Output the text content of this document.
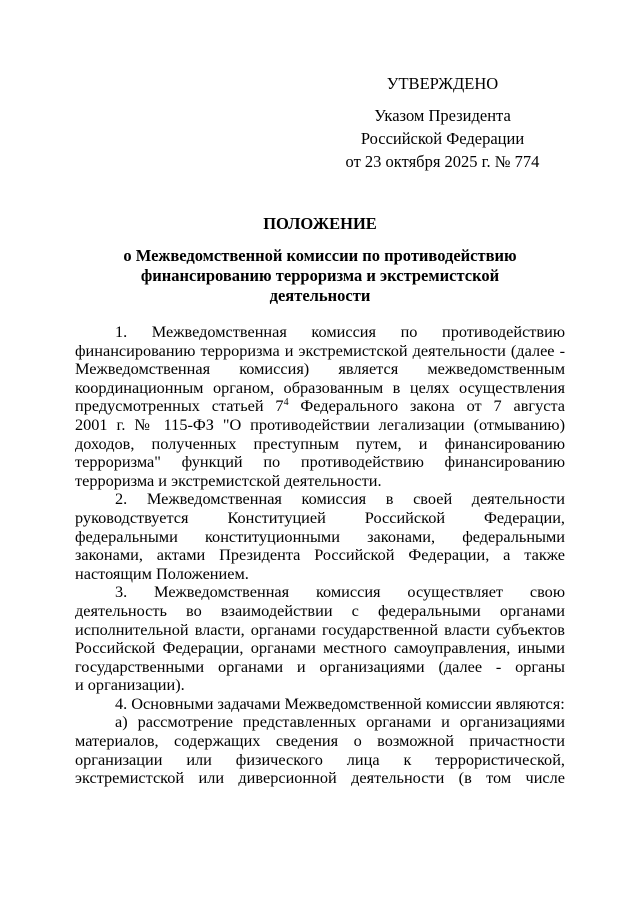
УТВЕРЖДЕНО
Указом Президента
Российской Федерации
от 23 октября 2025 г. № 774
ПОЛОЖЕНИЕ
о Межведомственной комиссии по противодействию
финансированию терроризма и экстремистской
деятельности
1. Межведомственная комиссия по противодействию
финансированию терроризма и экстремистской деятельности (далее -
Межведомственная комиссия) является межведомственным
координационным органом, образованным в целях осуществления
предусмотренных статьей $7^4$ Федерального закона от 7 августа
2001 г. № 115-ФЗ "О противодействии легализации (отмыванию)
доходов, полученных преступным путем, и финансированию
терроризма" функций по противодействию финансированию
терроризма и экстремистской деятельности.
2. Межведомственная комиссия в своей деятельности
руководствуется Конституцией Российской Федерации,
федеральными конституционными законами, федеральными
законами, актами Президента Российской Федерации, а также
настоящим Положением.
3. Межведомственная комиссия осуществляет свою
деятельность во взаимодействии с федеральными органами
исполнительной власти, органами государственной власти субъектов
Российской Федерации, органами местного самоуправления, иными
государственными органами и организациями (далее - органы
и организации).
4. Основными задачами Межведомственной комиссии являются:
а) рассмотрение представленных органами и организациями
материалов, содержащих сведения о возможной причастности
организации или физического лица к террористической,
экстремистской или диверсионной деятельности (в том числе
